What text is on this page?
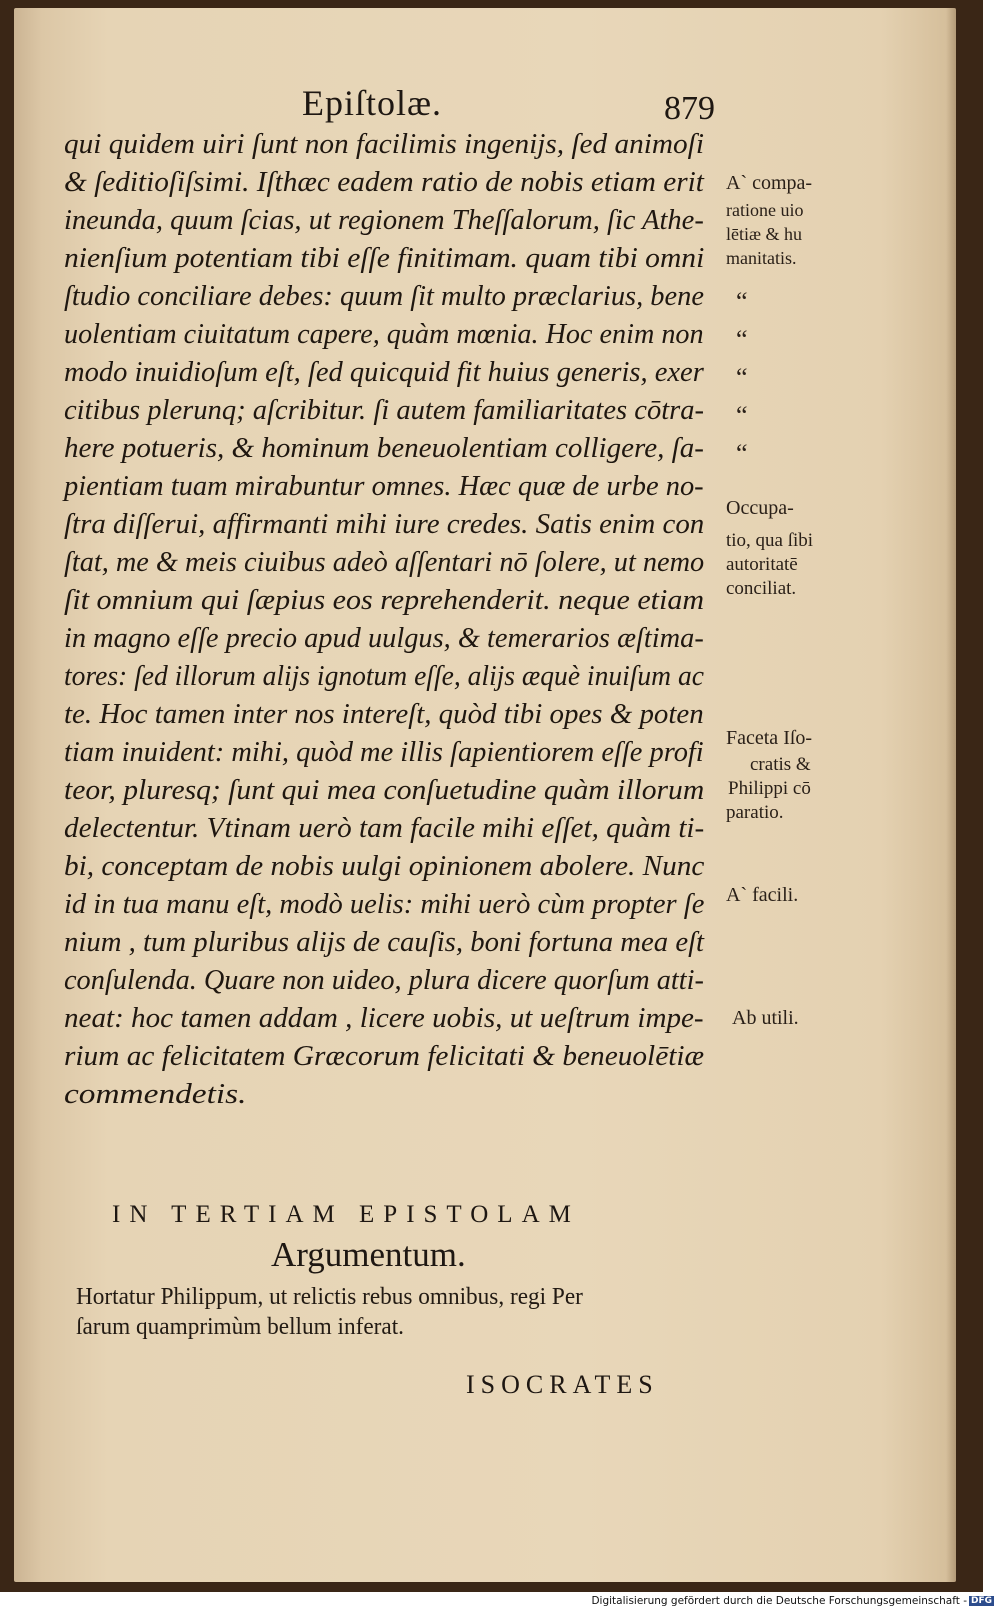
Epiſtolæ.	879
qui quidem uiri ſunt non facilimis ingenijs, ſed animoſi
& ſeditioſiſsimi. Iſthæc eadem ratio de nobis etiam erit
ineunda, quum ſcias, ut regionem Theſſalorum, ſic Athe-
nienſium potentiam tibi eſſe finitimam. quam tibi omni
ſtudio conciliare debes: quum ſit multo præclarius, bene
uolentiam ciuitatum capere, quàm mœnia. Hoc enim non
modo inuidioſum eſt, ſed quicquid fit huius generis, exer
citibus plerunq; aſcribitur. ſi autem familiaritates cōtra-
here potueris, & hominum beneuolentiam colligere, ſa-
pientiam tuam mirabuntur omnes. Hæc quæ de urbe no-
ſtra diſſerui, affirmanti mihi iure credes. Satis enim con
ſtat, me & meis ciuibus adeò aſſentari nō ſolere, ut nemo
ſit omnium qui ſæpius eos reprehenderit. neque etiam
in magno eſſe precio apud uulgus, & temerarios æſtima-
tores: ſed illorum alijs ignotum eſſe, alijs æquè inuiſum ac
te. Hoc tamen inter nos intereſt, quòd tibi opes & poten
tiam inuident: mihi, quòd me illis ſapientiorem eſſe profi
teor, pluresq; ſunt qui mea conſuetudine quàm illorum
delectentur. Vtinam uerò tam facile mihi eſſet, quàm ti-
bi, conceptam de nobis uulgi opinionem abolere. Nunc
id in tua manu eſt, modò uelis: mihi uerò cùm propter ſe
nium , tum pluribus alijs de cauſis, boni fortuna mea eſt
conſulenda. Quare non uideo, plura dicere quorſum atti-
neat: hoc tamen addam , licere uobis, ut ueſtrum impe-
rium ac felicitatem Græcorum felicitati & beneuolētiæ
commendetis.
A` compa-
ratione uio
lētiæ & hu
manitatis.
“
“
“
“
“
Occupa-
tio, qua ſibi
autoritatē
conciliat.
Faceta Iſo-
cratis &
Philippi cō
paratio.
A` facili.
Ab utili.
IN TERTIAM EPISTOLAM
Argumentum.
Hortatur Philippum, ut relictis rebus omnibus, regi Per
ſarum quamprimùm bellum inferat.
ISOCRATES
Digitalisierung gefördert durch die Deutsche Forschungsgemeinschaft - DFG
